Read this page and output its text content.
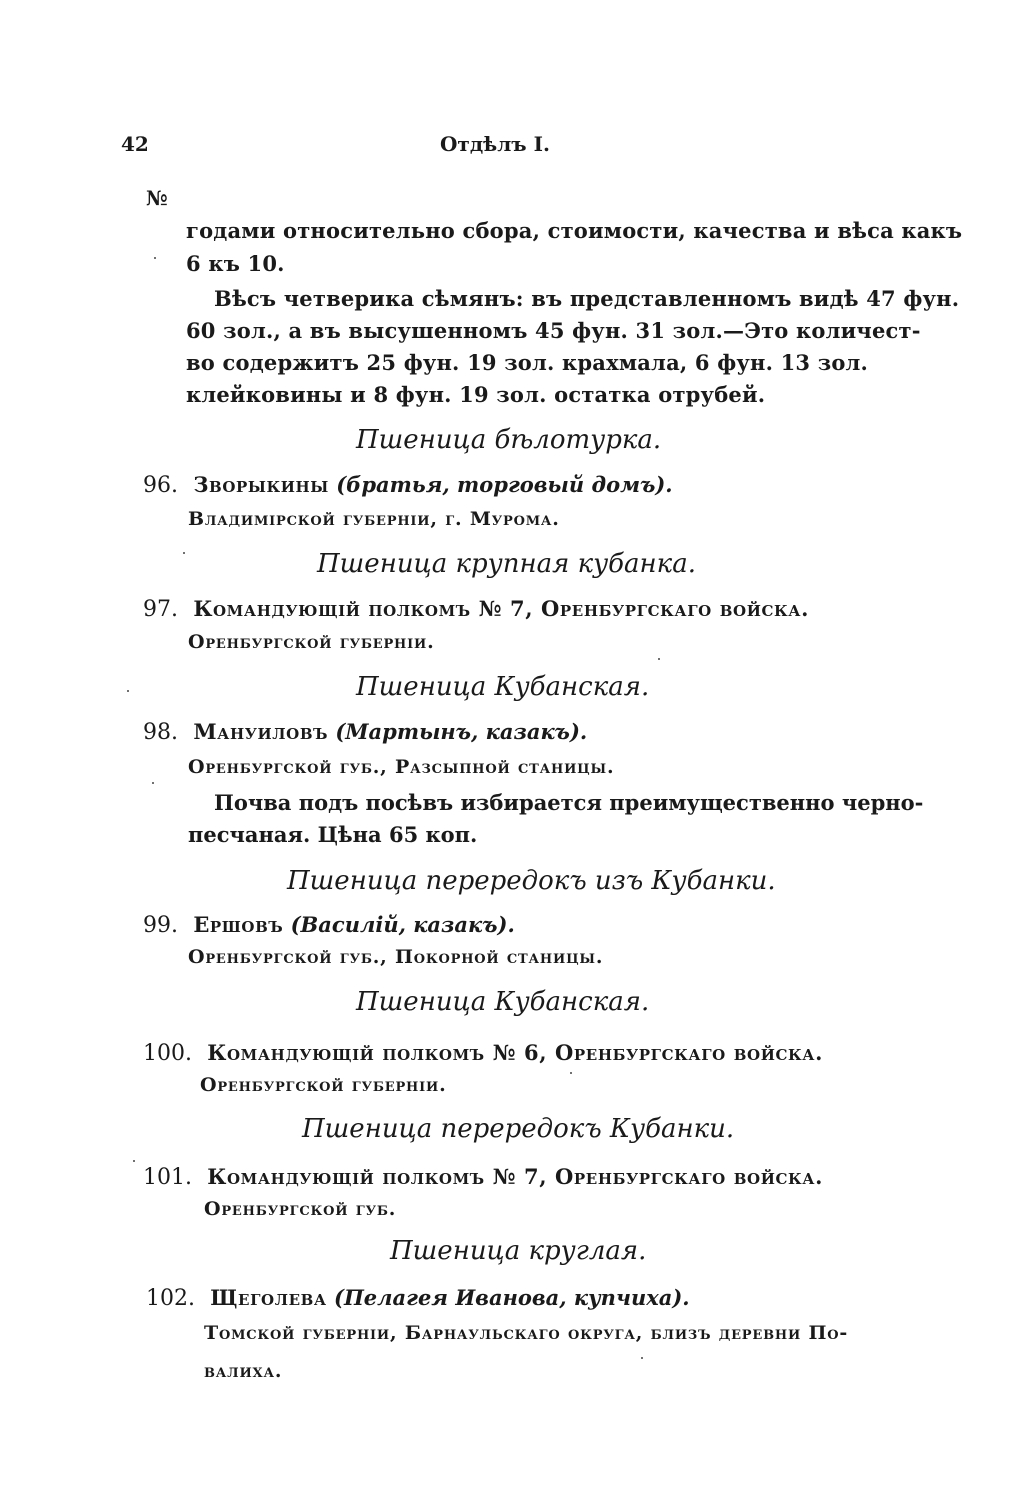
42	Отдѣлъ I.
№
годами относительно сбора, стоимости, качества и вѣса какъ
6 къ 10.
Вѣсъ четверика сѣмянъ: въ представленномъ видѣ 47 фун.
60 зол., а въ высушенномъ 45 фун. 31 зол.—Это количест-
во содержитъ 25 фун. 19 зол. крахмала, 6 фун. 13 зол.
клейковины и 8 фун. 19 зол. остатка отрубей.
Пшеница бѣлотурка.
96. Зворыкины (братья, торговый домъ).
Владимірской губерніи, г. Мурома.
Пшеница крупная кубанка.
97. Командующій полкомъ № 7, Оренбургскаго войска.
Оренбургской губерніи.
Пшеница Кубанская.
98. Мануиловъ (Мартынъ, казакъ).
Оренбургской губ., Разсыпной станицы.
Почва подъ посѣвъ избирается преимущественно черно-
песчаная. Цѣна 65 коп.
Пшеница перередокъ изъ Кубанки.
99. Ершовъ (Василій, казакъ).
Оренбургской губ., Покорной станицы.
Пшеница Кубанская.
100. Командующій полкомъ № 6, Оренбургскаго войска.
Оренбургской губерніи.
Пшеница перередокъ Кубанки.
101. Командующій полкомъ № 7, Оренбургскаго войска.
Оренбургской губ.
Пшеница круглая.
102. Щеголева (Пелагея Иванова, купчиха).
Томской губерніи, Барнаульскаго округа, близъ деревни По-
валиха.
